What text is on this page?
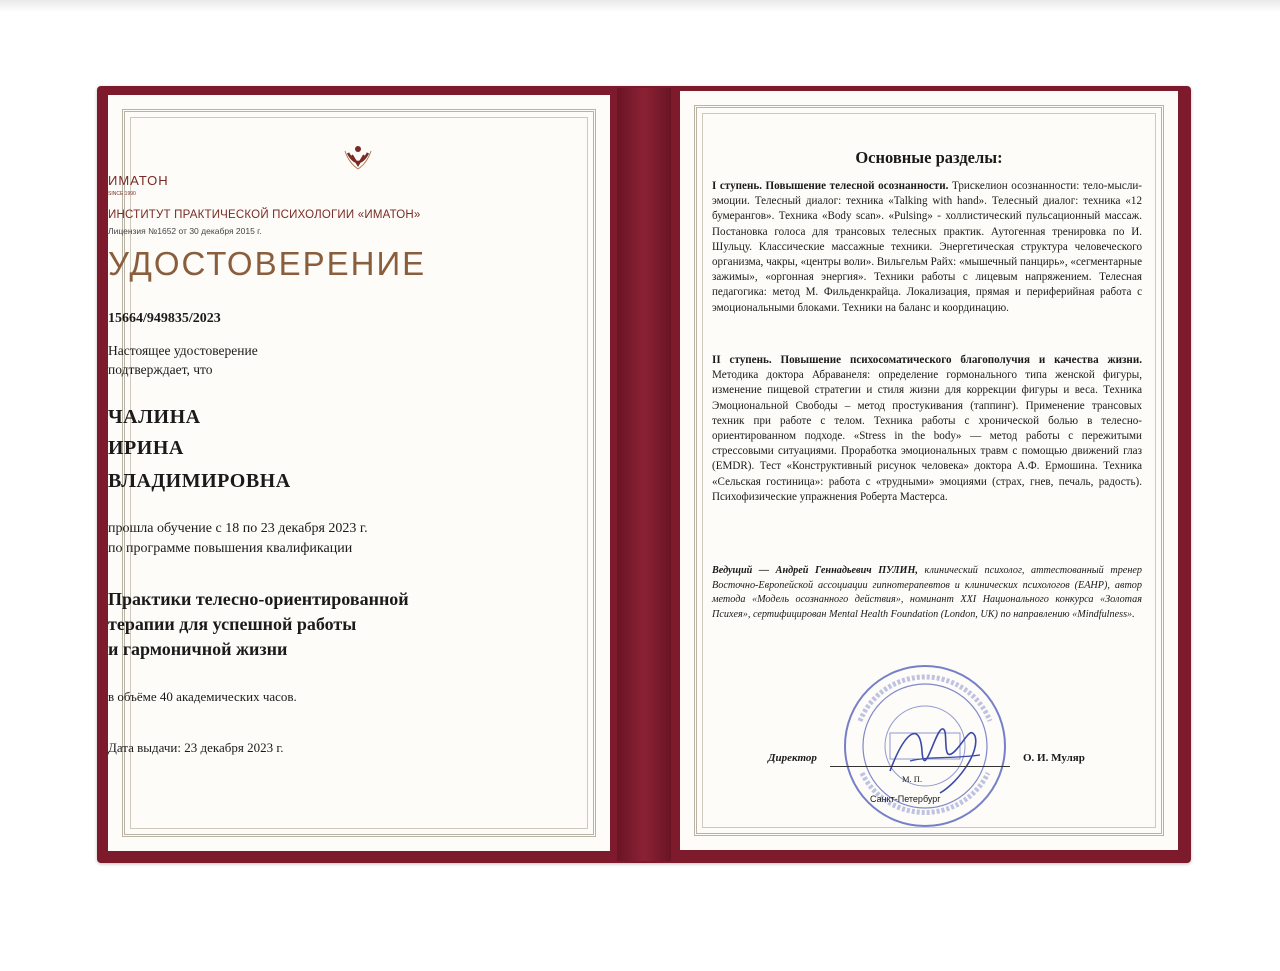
ИМАТОН
SINCE 1990
ИНСТИТУТ ПРАКТИЧЕСКОЙ ПСИХОЛОГИИ «ИМАТОН»
Лицензия №1652 от 30 декабря 2015 г.
УДОСТОВЕРЕНИЕ
15664/949835/2023
Настоящее удостоверение
подтверждает, что
ЧАЛИНА
ИРИНА
ВЛАДИМИРОВНА
прошла обучение с 18 по 23 декабря 2023 г.
по программе повышения квалификации
Практики телесно-ориентированной
терапии для успешной работы
и гармоничной жизни
в объёме 40 академических часов.
Дата выдачи: 23 декабря 2023 г.
Основные разделы:
I ступень. Повышение телесной осознанности. Трискелион осознанности: тело-мысли-эмоции. Телесный диалог: техника «Talking with hand». Телесный диалог: техника «12 бумерангов». Техника «Body scan». «Pulsing» - холлистический пульсационный массаж. Постановка голоса для трансовых телесных практик. Аутогенная тренировка по И. Шульцу. Классические массажные техники. Энергетическая структура человеческого организма, чакры, «центры воли». Вильгельм Райх: «мышечный панцирь», «сегментарные зажимы», «оргонная энергия». Техники работы с лицевым напряжением. Телесная педагогика: метод М. Фильденкрайца. Локализация, прямая и периферийная работа с эмоциональными блоками. Техники на баланс и координацию.
II ступень. Повышение психосоматического благополучия и качества жизни. Методика доктора Абравaнеля: определение гормонального типа женской фигуры, изменение пищевой стратегии и стиля жизни для коррекции фигуры и веса. Техника Эмоциональной Свободы – метод простукивания (таппинг). Применение трансовых техник при работе с телом. Техника работы с хронической болью в телесно-ориентированном подходе. «Stress in the body» — метод работы с пережитыми стрессовыми ситуациями. Проработка эмоциональных травм с помощью движений глаз (EMDR). Тест «Конструктивный рисунок человека» доктора А.Ф. Ермошина. Техника «Сельская гостиница»: работа с «трудными» эмоциями (страх, гнев, печаль, радость). Психофизические упражнения Роберта Мастерса.
Ведущий — Андрей Геннадьевич ПУЛИН, клинический психолог, аттестованный тренер Восточно-Европейской ассоциации гипнотерапевтов и клинических психологов (ЕАНР), автор метода «Модель осознанного действия», номинант XXI Национального конкурса «Золотая Психея», сертифицирован Mental Health Foundation (London, UK) по направлению «Mindfulness».
Директор	О. И. Муляр
М. П.
Санкт-Петербург
